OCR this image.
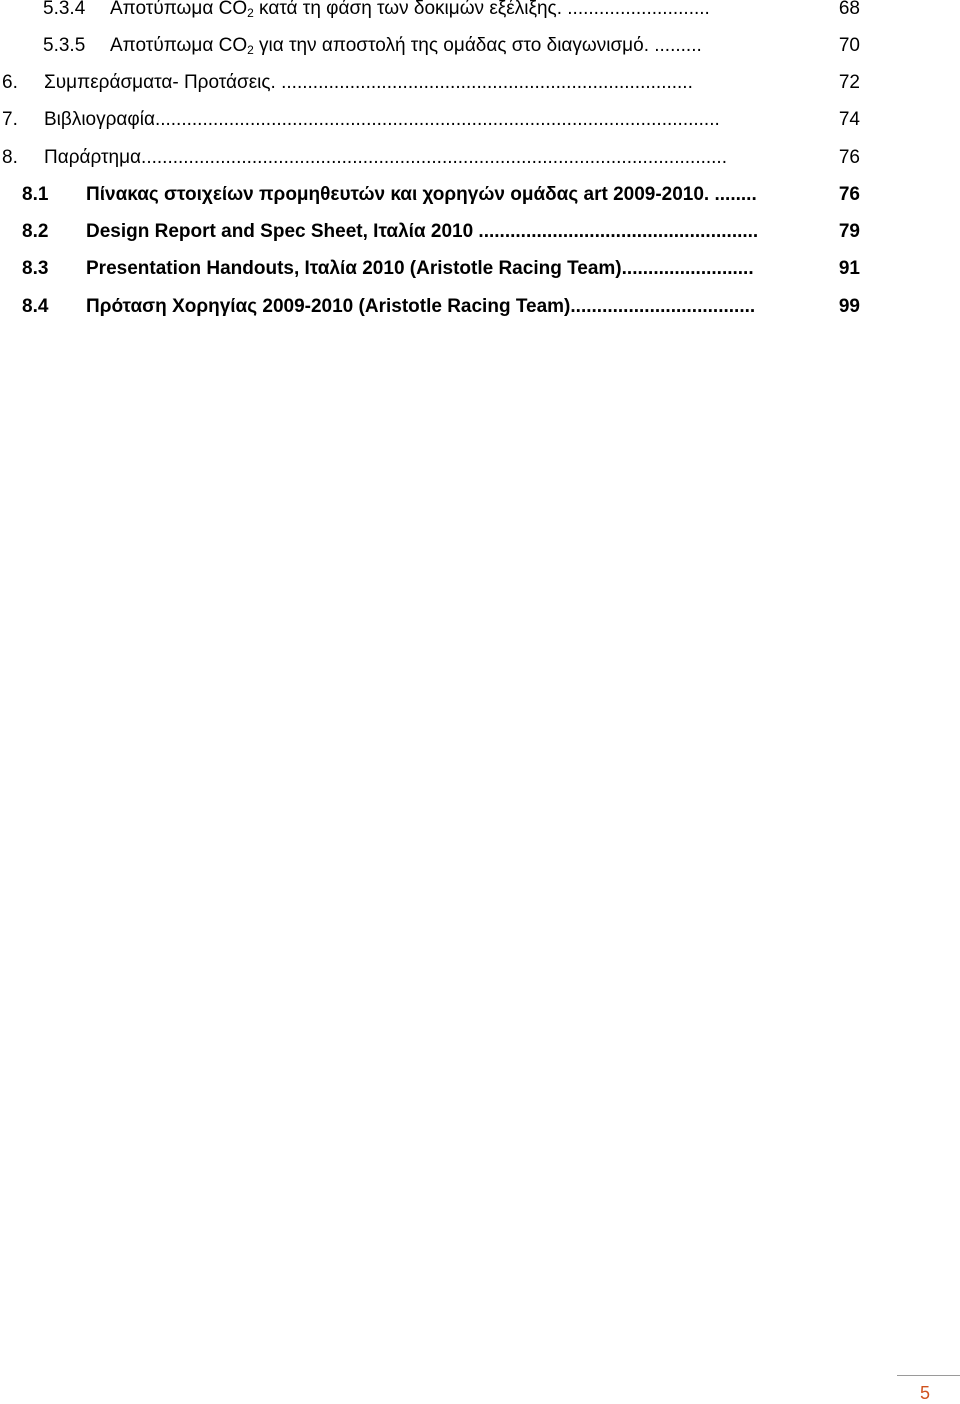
5.3.4 Αποτύπωμα $CO_2$ κατά τη φάση των δοκιμών εξέλιξης. ...........................	68
5.3.5 Αποτύπωμα $CO_2$ για την αποστολή της ομάδας στο διαγωνισμό. .........	70
6. Συμπεράσματα- Προτάσεις. ..............................................................................	72
7. Βιβλιογραφία...........................................................................................................	74
8. Παράρτημα...............................................................................................................	76
8.1 Πίνακας στοιχείων προμηθευτών και χορηγών ομάδας art 2009-2010. ........	76
8.2 Design Report and Spec Sheet, Ιταλία 2010 .....................................................	79
8.3 Presentation Handouts, Ιταλία 2010 (Aristotle Racing Team).........................	91
8.4 Πρόταση Χορηγίας 2009-2010 (Aristotle Racing Team)...................................	99
5
